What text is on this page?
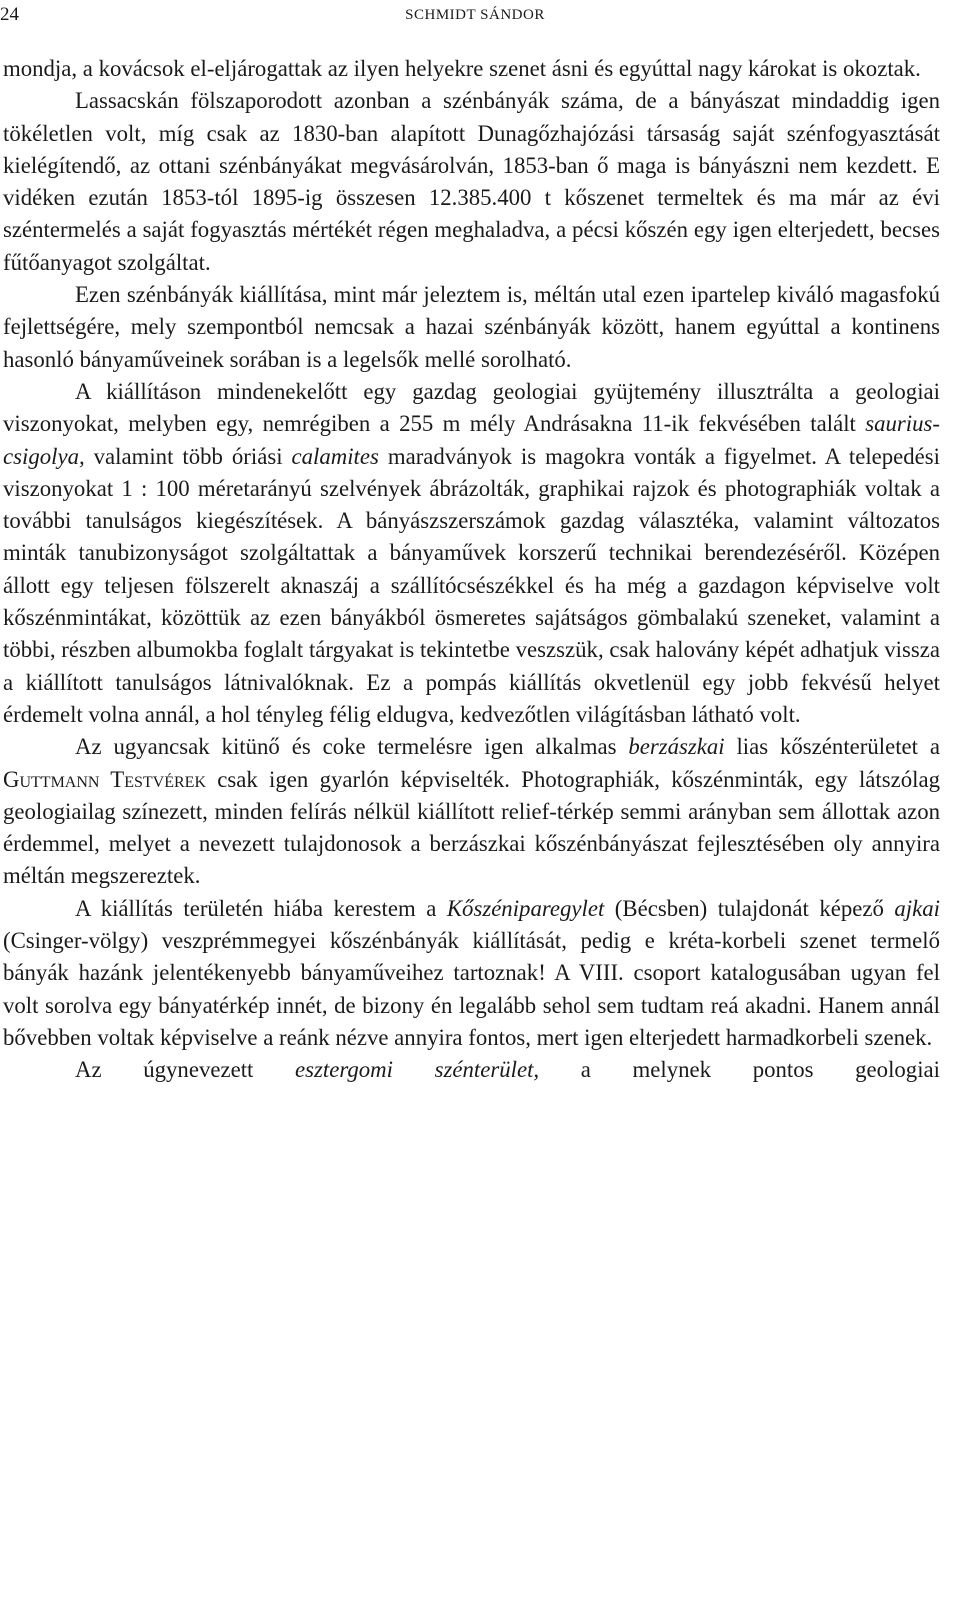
24	SCHMIDT SÁNDOR

mondja, a kovácsok el-eljárogattak az ilyen helyekre szenet ásni és egyúttal nagy károkat is okoztak.

Lassacskán fölszaporodott azonban a szénbányák száma, de a bányászat mindaddig igen tökéletlen volt, míg csak az 1830-ban alapított Dunagőzhajózási társaság saját szénfogyasztását kielégítendő, az ottani szénbányákat megvásárolván, 1853-ban ő maga is bányászni nem kezdett. E vidéken ezután 1853-tól 1895-ig összesen 12.385.400 t kőszenet termeltek és ma már az évi széntermelés a saját fogyasztás mértékét régen meghaladva, a pécsi kőszén egy igen elterjedett, becses fűtőanyagot szolgáltat.

Ezen szénbányák kiállítása, mint már jeleztem is, méltán utal ezen ipartelep kiváló magasfokú fejlettségére, mely szempontból nemcsak a hazai szénbányák között, hanem egyúttal a kontinens hasonló bányaműveinek sorában is a legelsők mellé sorolható.

A kiállításon mindenekelőtt egy gazdag geologiai gyüjtemény illusztrálta a geologiai viszonyokat, melyben egy, nemrégiben a 255 m mély Andrásakna 11-ik fekvésében talált saurius-csigolya, valamint több óriási calamites maradványok is magokra vonták a figyelmet. A telepedési viszonyokat 1 : 100 méretarányú szelvények ábrázolták, graphikai rajzok és photographiák voltak a további tanulságos kiegészítések. A bányászszerszámok gazdag választéka, valamint változatos minták tanubizonyságot szolgáltattak a bányaművek korszerű technikai berendezéséről. Középen állott egy teljesen fölszerelt aknaszáj a szállítócsészékkel és ha még a gazdagon képviselve volt kőszénmintákat, közöttük az ezen bányákból ösmeretes sajátságos gömbalakú szeneket, valamint a többi, részben albumokba foglalt tárgyakat is tekintetbe veszszük, csak halovány képét adhatjuk vissza a kiállított tanulságos látnivalóknak. Ez a pompás kiállítás okvetlenül egy jobb fekvésű helyet érdemelt volna annál, a hol tényleg félig eldugva, kedvezőtlen világításban látható volt.

Az ugyancsak kitünő és coke termelésre igen alkalmas berzászkai lias kőszénterületet a Guttmann Testvérek csak igen gyarlón képviselték. Photographiák, kőszénminták, egy látszólag geologiailag színezett, minden felírás nélkül kiállított relief-térkép semmi arányban sem állottak azon érdemmel, melyet a nevezett tulajdonosok a berzászkai kőszénbányászat fejlesztésében oly annyira méltán megszereztek.

A kiállítás területén hiába kerestem a Kőszéniparegylet (Bécsben) tulajdonát képező ajkai (Csinger-völgy) veszprémmegyei kőszénbányák kiállítását, pedig e kréta-korbeli szenet termelő bányák hazánk jelentékenyebb bányaműveihez tartoznak! A VIII. csoport katalogusában ugyan fel volt sorolva egy bányatérkép innét, de bizony én legalább sehol sem tudtam reá akadni. Hanem annál bővebben voltak képviselve a reánk nézve annyira fontos, mert igen elterjedett harmadkorbeli szenek.

Az úgynevezett esztergomi szénterület, a melynek pontos geologiai
